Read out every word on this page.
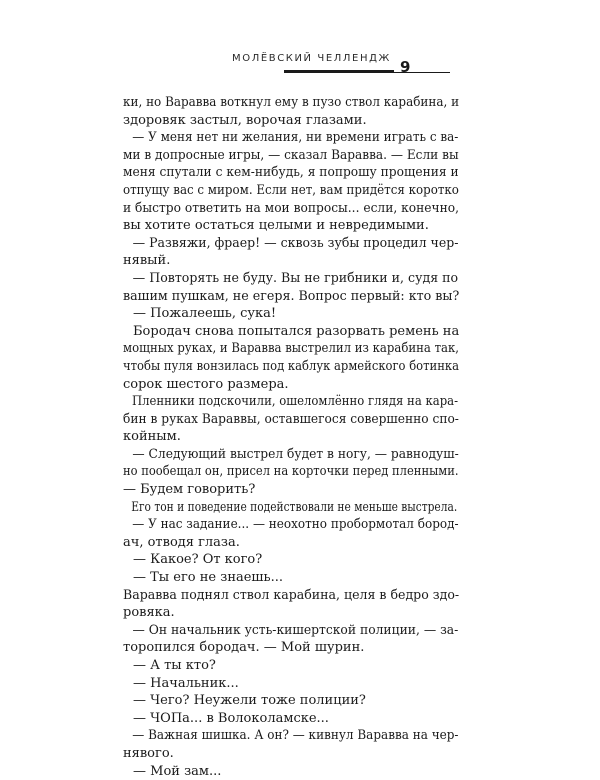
МОЛЁВСКИЙ ЧЕЛЛЕНДЖ 9
ки, но Варавва воткнул ему в пузо ствол карабина, и
здоровяк застыл, ворочая глазами.
— У меня нет ни желания, ни времени играть с ва-
ми в допросные игры, — сказал Варавва. — Если вы
меня спутали с кем-нибудь, я попрошу прощения и
отпущу вас с миром. Если нет, вам придётся коротко
и быстро ответить на мои вопросы... если, конечно,
вы хотите остаться целыми и невредимыми.
— Развяжи, фраер! — сквозь зубы процедил чер-
нявый.
— Повторять не буду. Вы не грибники и, судя по
вашим пушкам, не егеря. Вопрос первый: кто вы?
— Пожалеешь, сука!
Бородач снова попытался разорвать ремень на
мощных руках, и Варавва выстрелил из карабина так,
чтобы пуля вонзилась под каблук армейского ботинка
сорок шестого размера.
Пленники подскочили, ошеломлённо глядя на кара-
бин в руках Вараввы, оставшегося совершенно спо-
койным.
— Следующий выстрел будет в ногу, — равнодуш-
но пообещал он, присел на корточки перед пленными.
— Будем говорить?
Его тон и поведение подействовали не меньше выстрела.
— У нас задание... — неохотно пробормотал бород-
ач, отводя глаза.
— Какое? От кого?
— Ты его не знаешь...
Варавва поднял ствол карабина, целя в бедро здо-
ровяка.
— Он начальник усть-кишертской полиции, — за-
торопился бородач. — Мой шурин.
— А ты кто?
— Начальник...
— Чего? Неужели тоже полиции?
— ЧОПа... в Волоколамске...
— Важная шишка. А он? — кивнул Варавва на чер-
нявого.
— Мой зам...
